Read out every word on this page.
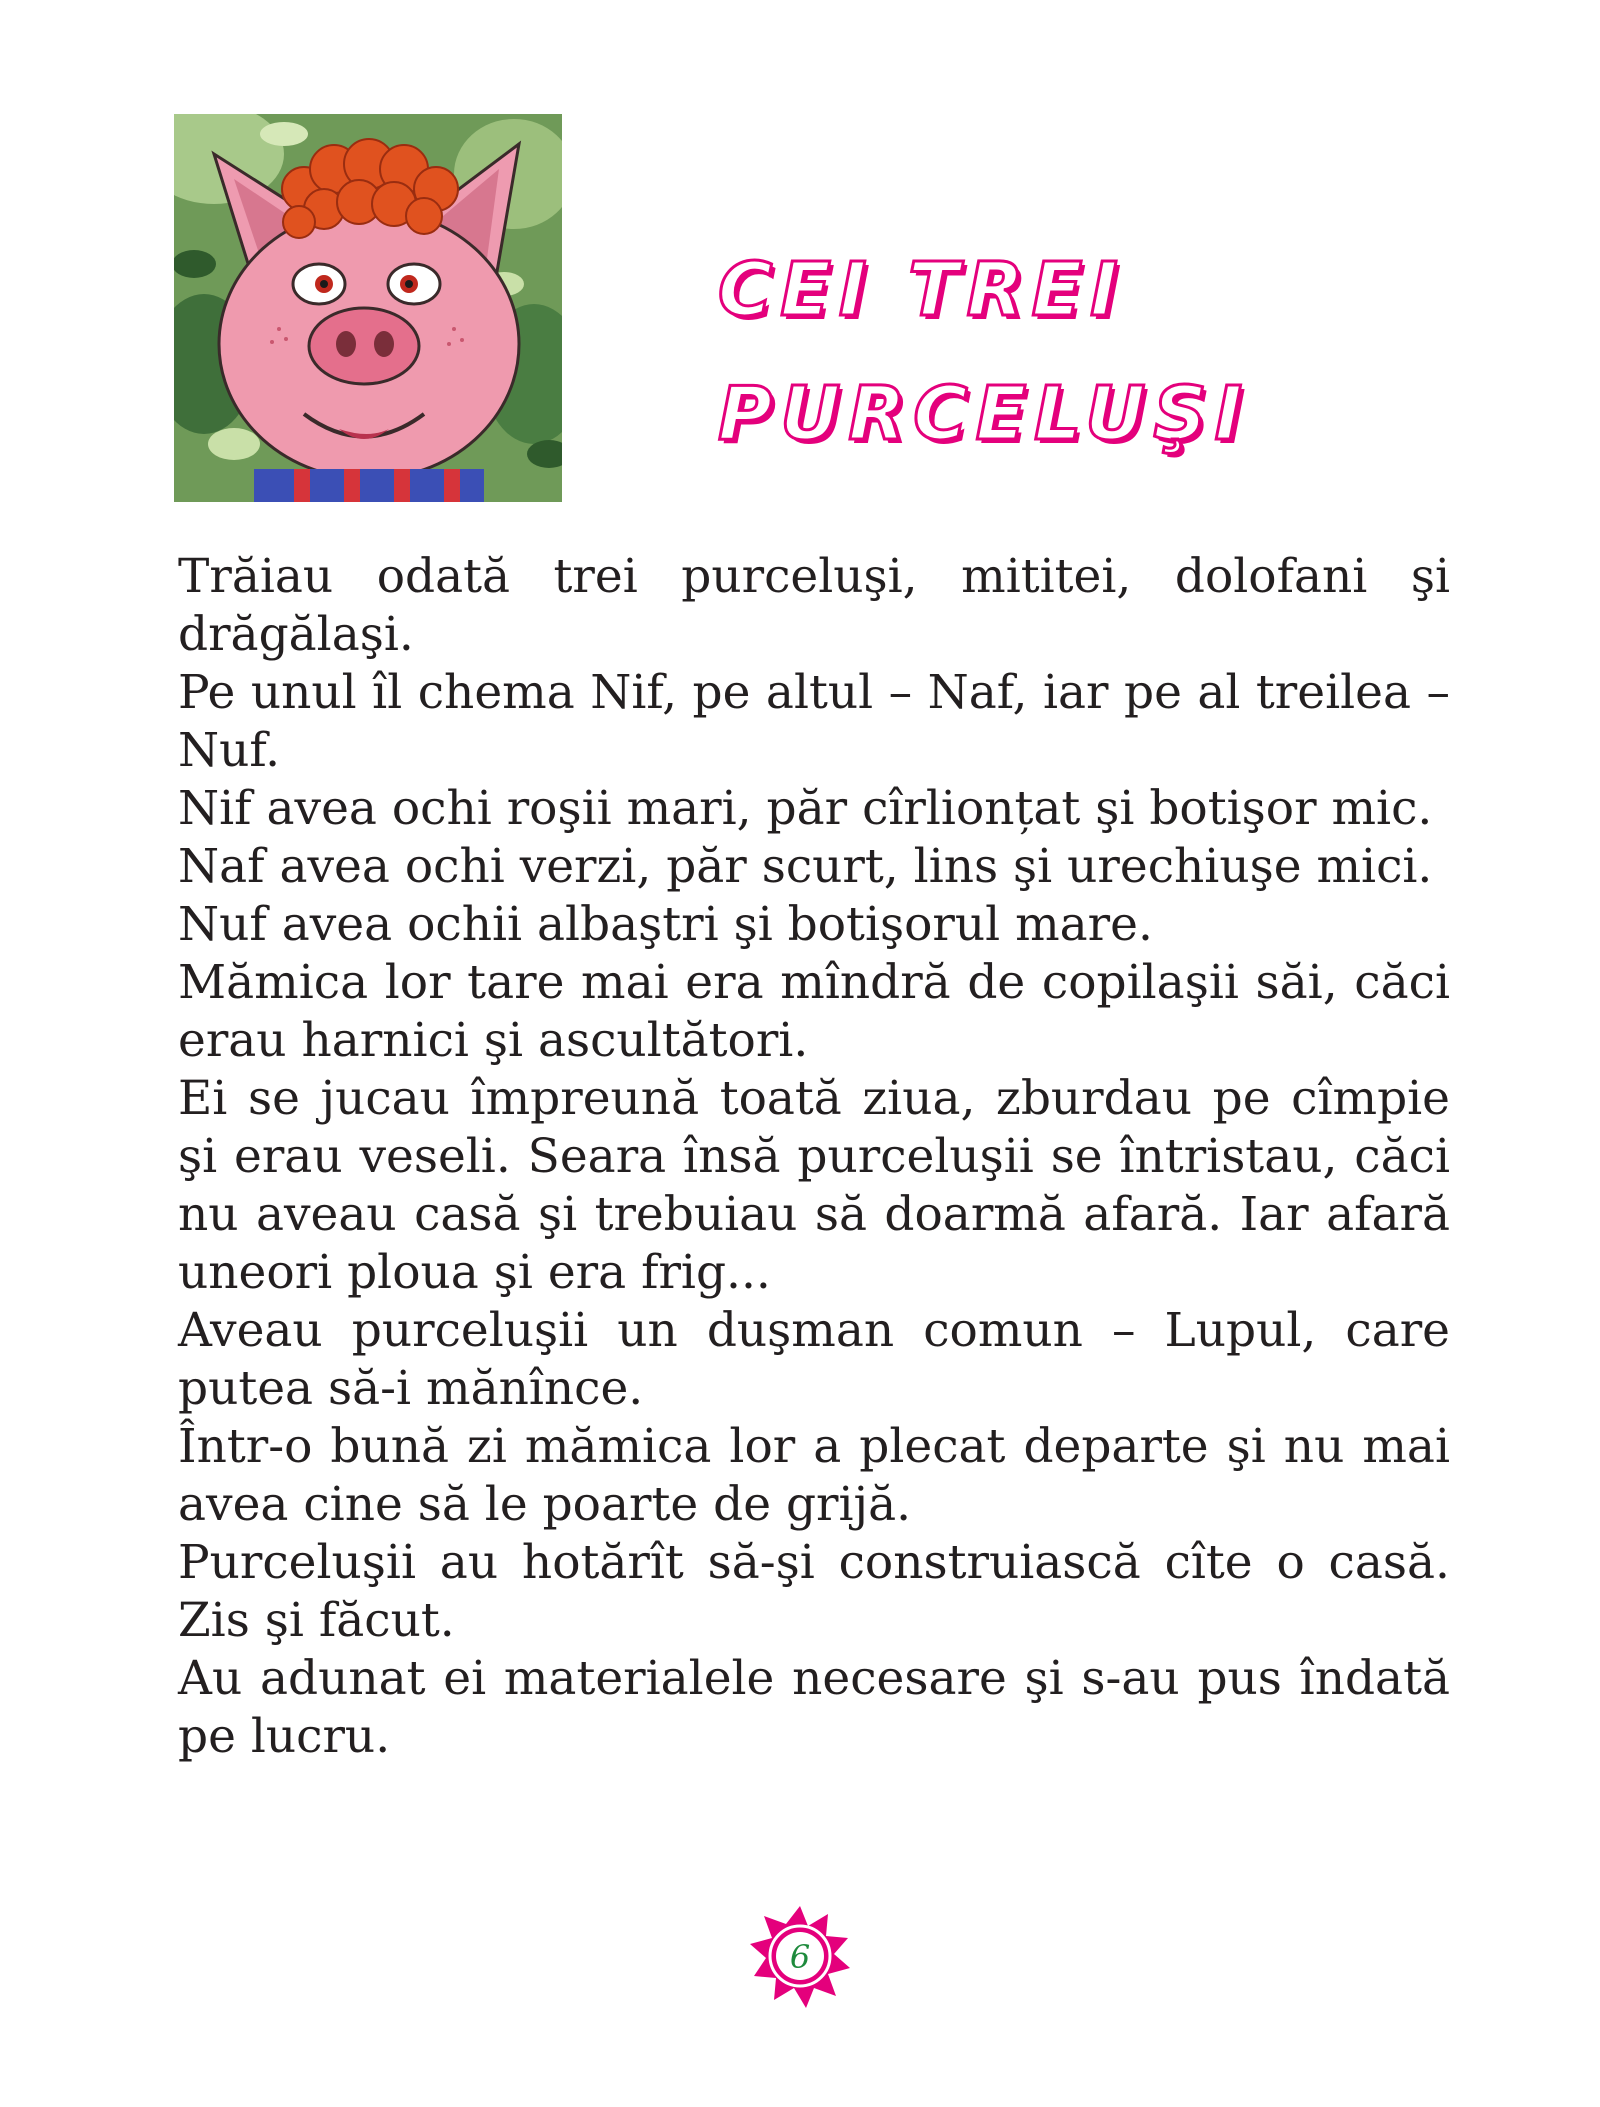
CEI TREI
PURCELUŞI

Trăiau odată trei purceluşi, mititei, dolofani şi drăgălaşi.

Pe unul îl chema Nif, pe altul – Naf, iar pe al treilea – Nuf.

Nif avea ochi roşii mari, păr cîrlionțat şi botişor mic.

Naf avea ochi verzi, păr scurt, lins şi urechiuşe mici.

Nuf avea ochii albaştri şi botişorul mare.

Mămica lor tare mai era mîndră de copilaşii săi, căci erau harnici şi ascultători.

Ei se jucau împreună toată ziua, zburdau pe cîmpie şi erau veseli. Seara însă purceluşii se întristau, căci nu aveau casă şi trebuiau să doarmă afară. Iar afară uneori ploua şi era frig...

Aveau purceluşii un duşman comun – Lupul, care putea să-i mănînce.

Într-o bună zi mămica lor a plecat departe şi nu mai avea cine să le poarte de grijă.

Purceluşii au hotărît să-şi construiască cîte o casă. Zis şi făcut.

Au adunat ei materialele necesare şi s-au pus îndată pe lucru.

6
